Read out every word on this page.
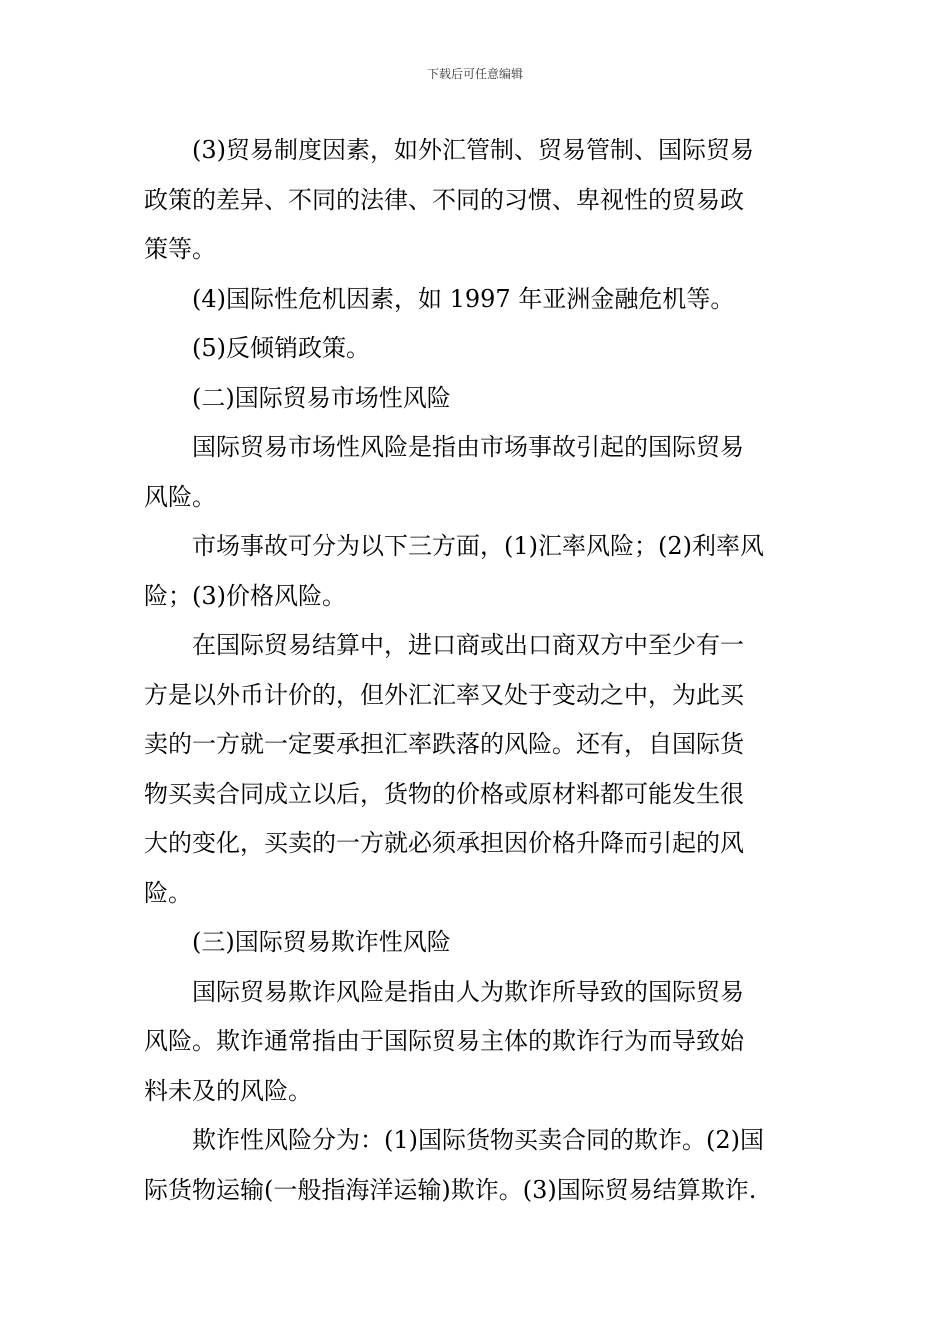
下载后可任意编辑

(3)贸易制度因素，如外汇管制、贸易管制、国际贸易
政策的差异、不同的法律、不同的习惯、卑视性的贸易政
策等。

(4)国际性危机因素，如 1997 年亚洲金融危机等。

(5)反倾销政策。

(二)国际贸易市场性风险

国际贸易市场性风险是指由市场事故引起的国际贸易
风险。

市场事故可分为以下三方面，(1)汇率风险；(2)利率风
险；(3)价格风险。

在国际贸易结算中，进口商或出口商双方中至少有一
方是以外币计价的，但外汇汇率又处于变动之中，为此买
卖的一方就一定要承担汇率跌落的风险。还有，自国际货
物买卖合同成立以后，货物的价格或原材料都可能发生很
大的变化，买卖的一方就必须承担因价格升降而引起的风
险。

(三)国际贸易欺诈性风险

国际贸易欺诈风险是指由人为欺诈所导致的国际贸易
风险。欺诈通常指由于国际贸易主体的欺诈行为而导致始
料未及的风险。

欺诈性风险分为：(1)国际货物买卖合同的欺诈。(2)国
际货物运输(一般指海洋运输)欺诈。(3)国际贸易结算欺诈.
